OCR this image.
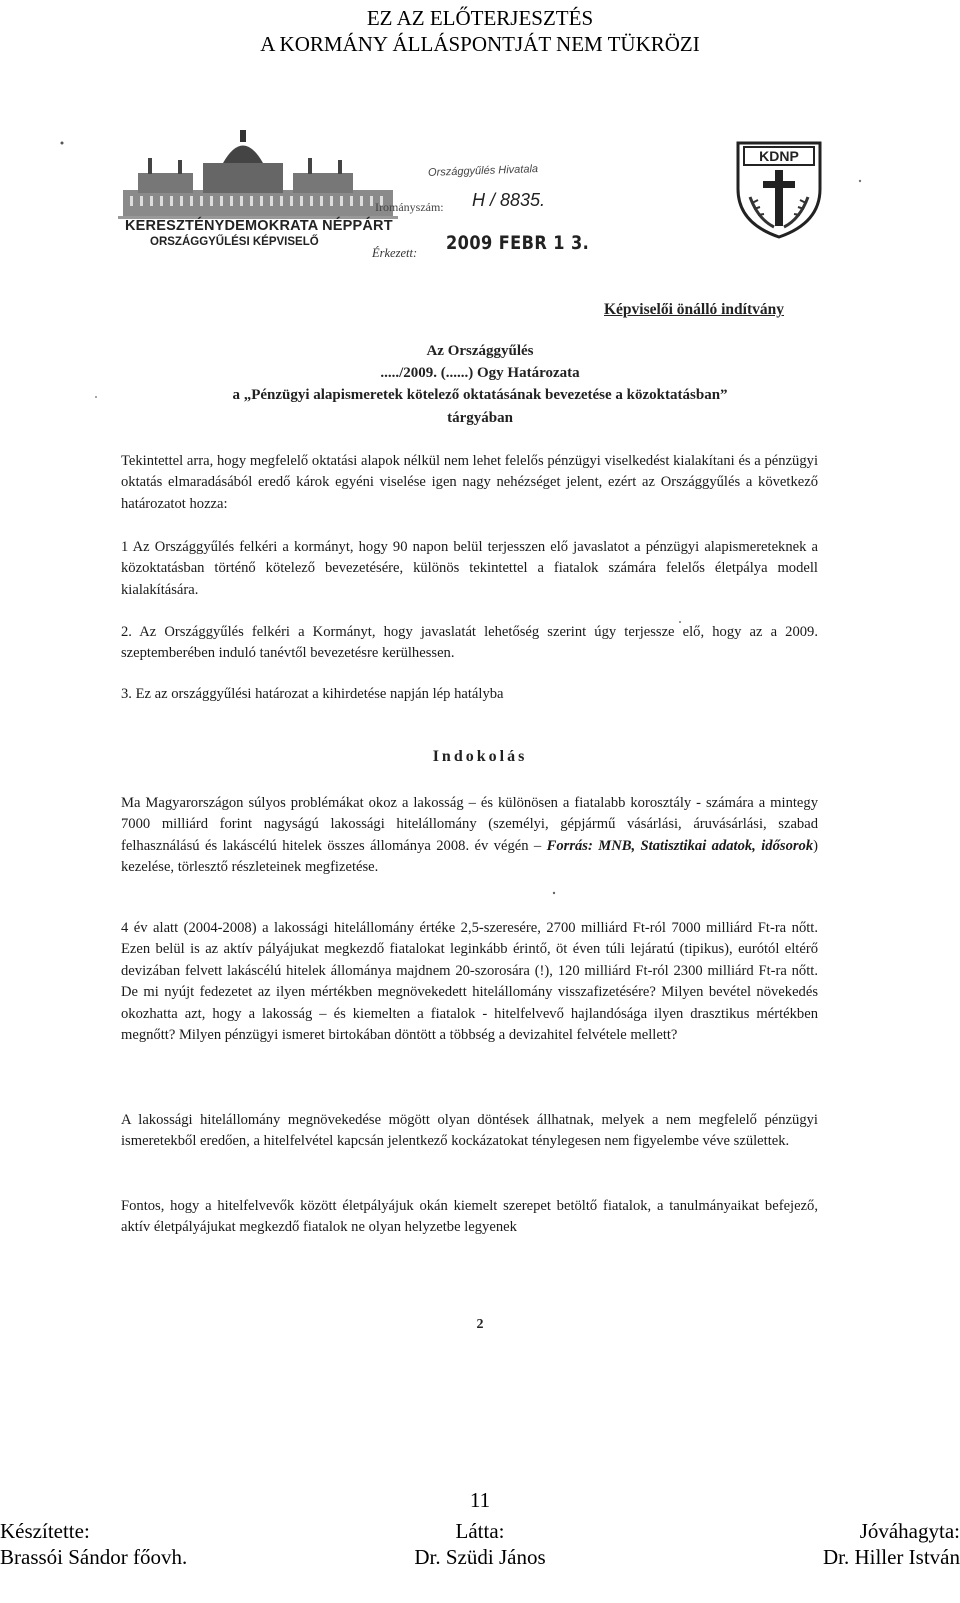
EZ AZ ELŐTERJESZTÉS
A KORMÁNY ÁLLÁSPONTJÁT NEM TÜKRÖZI
KERESZTÉNYDEMOKRATA NÉPPÁRT
ORSZÁGGYŰLÉSI KÉPVISELŐ
Országgyűlés Hivatala
Irományszám: H / 8835.
Érkezett: 2009 FEBR 1 3.
KDNP
Képviselői önálló indítvány
Az Országgyűlés
...../2009. (......) Ogy Határozata
a „Pénzügyi alapismeretek kötelező oktatásának bevezetése a közoktatásban”
tárgyában
Tekintettel arra, hogy megfelelő oktatási alapok nélkül nem lehet felelős pénzügyi viselkedést kialakítani és a pénzügyi oktatás elmaradásából eredő károk egyéni viselése igen nagy nehézséget jelent, ezért az Országgyűlés a következő határozatot hozza:
1 Az Országgyűlés felkéri a kormányt, hogy 90 napon belül terjesszen elő javaslatot a pénzügyi alapismereteknek a közoktatásban történő kötelező bevezetésére, különös tekintettel a fiatalok számára felelős életpálya modell kialakítására.
2. Az Országgyűlés felkéri a Kormányt, hogy javaslatát lehetőség szerint úgy terjessze elő, hogy az a 2009. szeptemberében induló tanévtől bevezetésre kerülhessen.
3. Ez az országgyűlési határozat a kihirdetése napján lép hatályba
Indokolás
Ma Magyarországon súlyos problémákat okoz a lakosság – és különösen a fiatalabb korosztály - számára a mintegy 7000 milliárd forint nagyságú lakossági hitelállomány (személyi, gépjármű vásárlási, áruvásárlási, szabad felhasználású és lakáscélú hitelek összes állománya 2008. év végén – Forrás: MNB, Statisztikai adatok, idősorok) kezelése, törlesztő részleteinek megfizetése.
4 év alatt (2004-2008) a lakossági hitelállomány értéke 2,5-szeresére, 2700 milliárd Ft-ról 7000 milliárd Ft-ra nőtt. Ezen belül is az aktív pályájukat megkezdő fiatalokat leginkább érintő, öt éven túli lejáratú (tipikus), eurótól eltérő devizában felvett lakáscélú hitelek állománya majdnem 20-szorosára (!), 120 milliárd Ft-ról 2300 milliárd Ft-ra nőtt. De mi nyújt fedezetet az ilyen mértékben megnövekedett hitelállomány visszafizetésére? Milyen bevétel növekedés okozhatta azt, hogy a lakosság – és kiemelten a fiatalok - hitelfelvevő hajlandósága ilyen drasztikus mértékben megnőtt? Milyen pénzügyi ismeret birtokában döntött a többség a devizahitel felvétele mellett?
A lakossági hitelállomány megnövekedése mögött olyan döntések állhatnak, melyek a nem megfelelő pénzügyi ismeretekből eredően, a hitelfelvétel kapcsán jelentkező kockázatokat ténylegesen nem figyelembe véve születtek.
Fontos, hogy a hitelfelvevők között életpályájuk okán kiemelt szerepet betöltő fiatalok, a tanulmányaikat befejező, aktív életpályájukat megkezdő fiatalok ne olyan helyzetbe legyenek
2
11
Készítette:
Brassói Sándor főovh.
Látta:
Dr. Szüdi János
Jóváhagyta:
Dr. Hiller István
